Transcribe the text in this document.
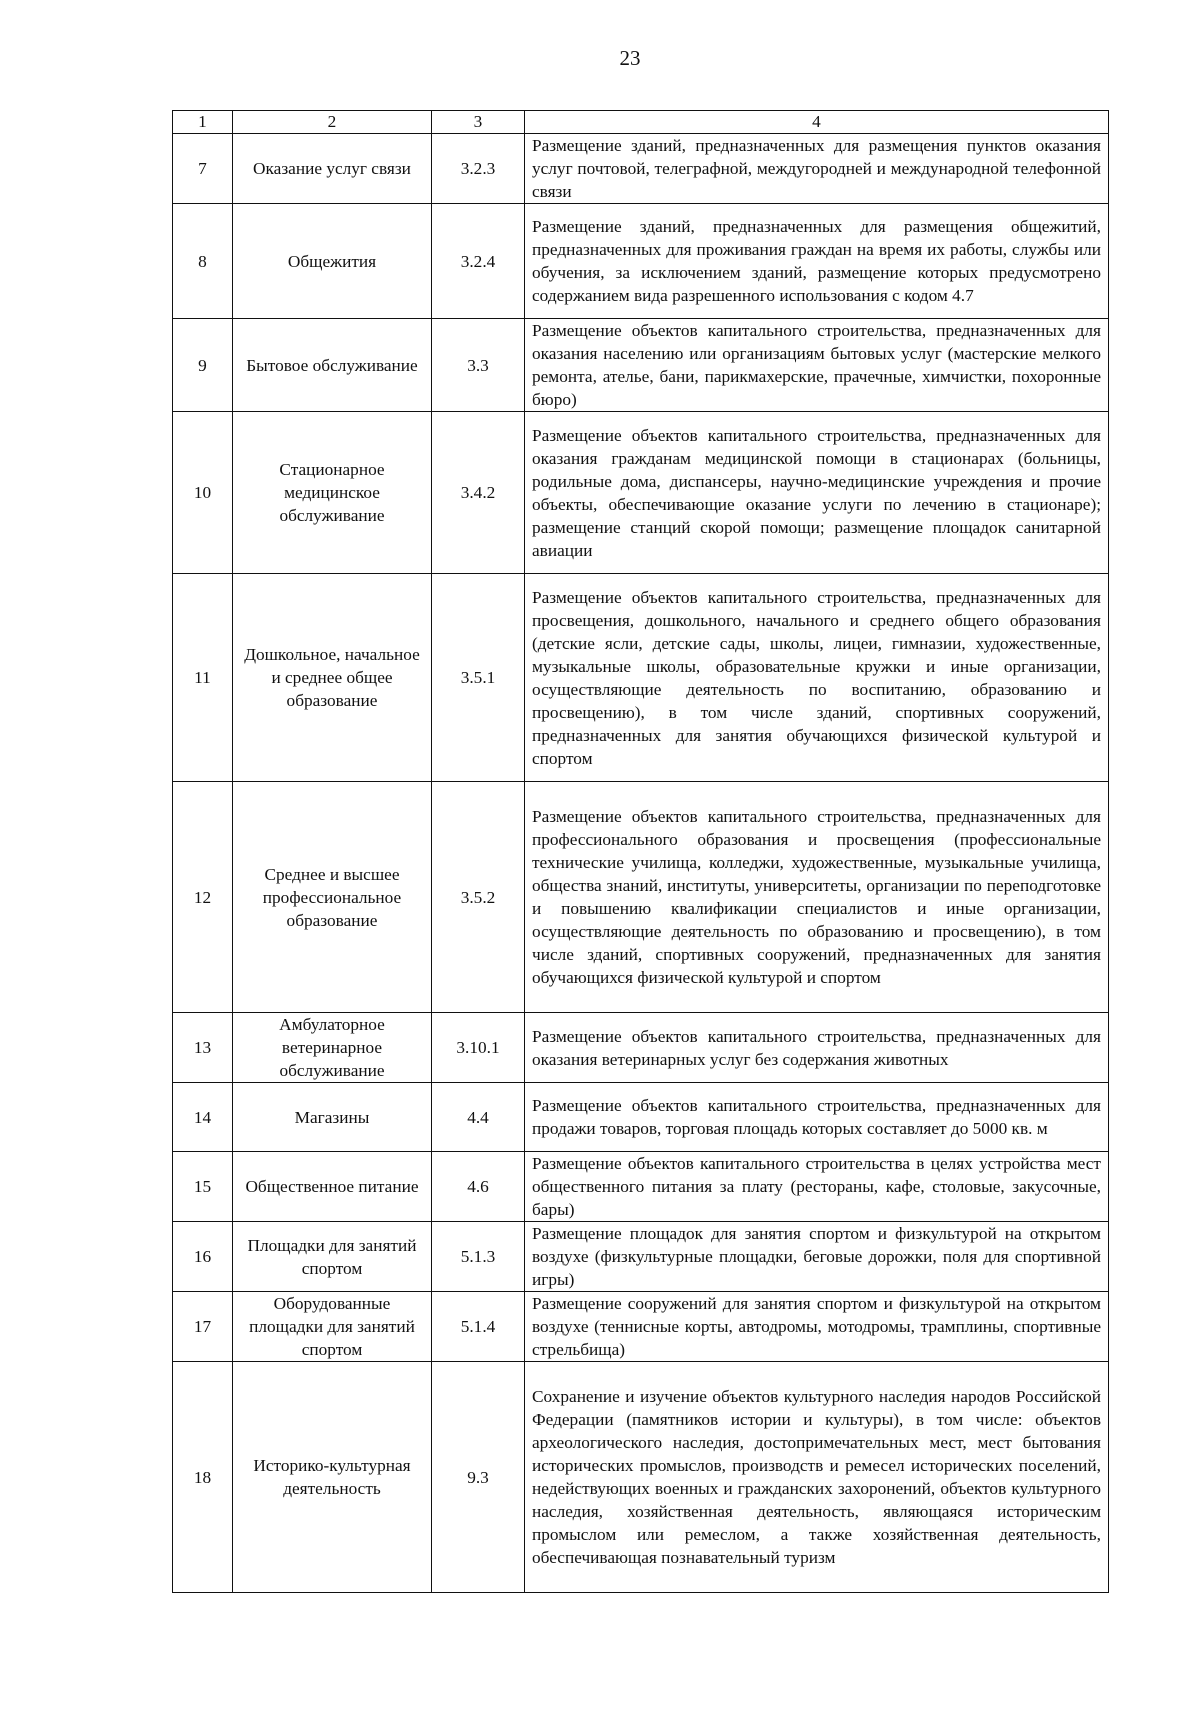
23
1	2	3	4
7	Оказание услуг связи	3.2.3	Размещение зданий, предназначенных для размещения пунктов оказания услуг почтовой, телеграфной, междугородней и международной телефонной связи
8	Общежития	3.2.4	Размещение зданий, предназначенных для размещения общежитий, предназначенных для проживания граждан на время их работы, службы или обучения, за исключением зданий, размещение которых предусмотрено содержанием вида разрешенного использования с кодом 4.7
9	Бытовое обслуживание	3.3	Размещение объектов капитального строительства, предназначенных для оказания населению или организациям бытовых услуг (мастерские мелкого ремонта, ателье, бани, парикмахерские, прачечные, химчистки, похоронные бюро)
10	Стационарное медицинское обслуживание	3.4.2	Размещение объектов капитального строительства, предназначенных для оказания гражданам медицинской помощи в стационарах (больницы, родильные дома, диспансеры, научно-медицинские учреждения и прочие объекты, обеспечивающие оказание услуги по лечению в стационаре); размещение станций скорой помощи; размещение площадок санитарной авиации
11	Дошкольное, начальное и среднее общее образование	3.5.1	Размещение объектов капитального строительства, предназначенных для просвещения, дошкольного, начального и среднего общего образования (детские ясли, детские сады, школы, лицеи, гимназии, художественные, музыкальные школы, образовательные кружки и иные организации, осуществляющие деятельность по воспитанию, образованию и просвещению), в том числе зданий, спортивных сооружений, предназначенных для занятия обучающихся физической культурой и спортом
12	Среднее и высшее профессиональное образование	3.5.2	Размещение объектов капитального строительства, предназначенных для профессионального образования и просвещения (профессиональные технические училища, колледжи, художественные, музыкальные училища, общества знаний, институты, университеты, организации по переподготовке и повышению квалификации специалистов и иные организации, осуществляющие деятельность по образованию и просвещению), в том числе зданий, спортивных сооружений, предназначенных для занятия обучающихся физической культурой и спортом
13	Амбулаторное ветеринарное обслуживание	3.10.1	Размещение объектов капитального строительства, предназначенных для оказания ветеринарных услуг без содержания животных
14	Магазины	4.4	Размещение объектов капитального строительства, предназначенных для продажи товаров, торговая площадь которых составляет до 5000 кв. м
15	Общественное питание	4.6	Размещение объектов капитального строительства в целях устройства мест общественного питания за плату (рестораны, кафе, столовые, закусочные, бары)
16	Площадки для занятий спортом	5.1.3	Размещение площадок для занятия спортом и физкультурой на открытом воздухе (физкультурные площадки, беговые дорожки, поля для спортивной игры)
17	Оборудованные площадки для занятий спортом	5.1.4	Размещение сооружений для занятия спортом и физкультурой на открытом воздухе (теннисные корты, автодромы, мотодромы, трамплины, спортивные стрельбища)
18	Историко-культурная деятельность	9.3	Сохранение и изучение объектов культурного наследия народов Российской Федерации (памятников истории и культуры), в том числе: объектов археологического наследия, достопримечательных мест, мест бытования исторических промыслов, производств и ремесел исторических поселений, недействующих военных и гражданских захоронений, объектов культурного наследия, хозяйственная деятельность, являющаяся историческим промыслом или ремеслом, а также хозяйственная деятельность, обеспечивающая познавательный туризм
